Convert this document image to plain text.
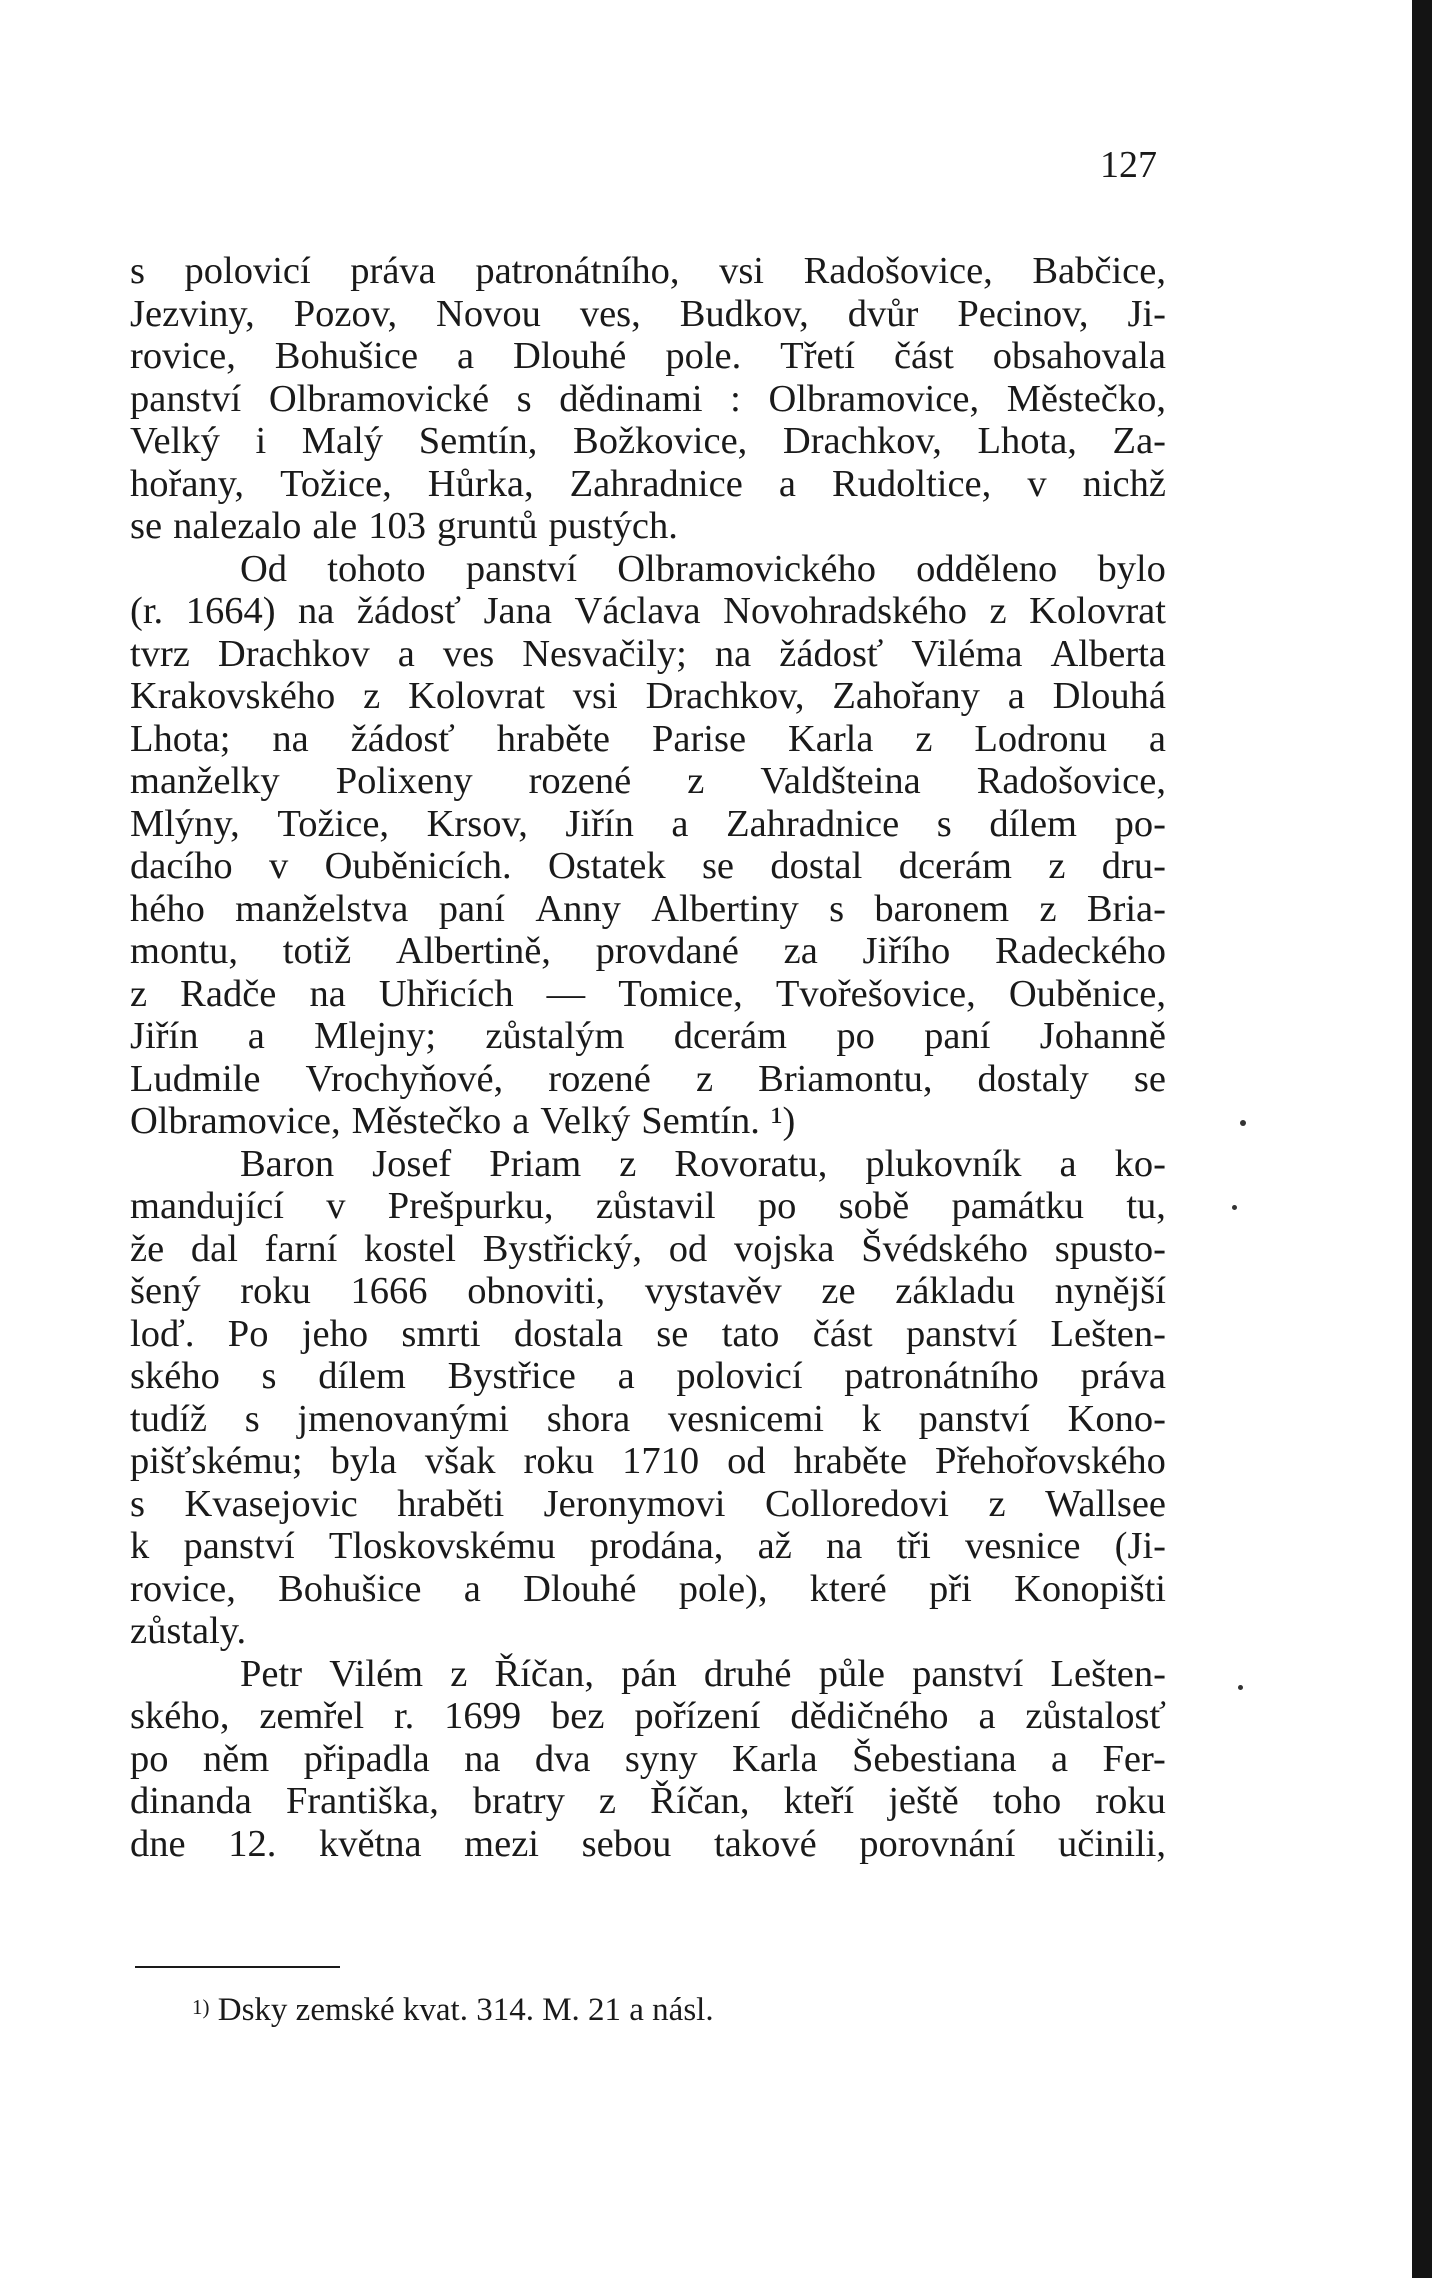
127
s polovicí práva patronátního, vsi Radošovice, Babčice,
Jezviny, Pozov, Novou ves, Budkov, dvůr Pecinov, Ji-
rovice, Bohušice a Dlouhé pole. Třetí část obsahovala
panství Olbramovické s dědinami : Olbramovice, Městečko,
Velký i Malý Semtín, Božkovice, Drachkov, Lhota, Za-
hořany, Tožice, Hůrka, Zahradnice a Rudoltice, v nichž
se nalezalo ale 103 gruntů pustých.
Od tohoto panství Olbramovického odděleno bylo
(r. 1664) na žádosť Jana Václava Novohradského z Kolovrat
tvrz Drachkov a ves Nesvačily; na žádosť Viléma Alberta
Krakovského z Kolovrat vsi Drachkov, Zahořany a Dlouhá
Lhota; na žádosť hraběte Parise Karla z Lodronu a
manželky Polixeny rozené z Valdšteina Radošovice,
Mlýny, Tožice, Krsov, Jiřín a Zahradnice s dílem po-
dacího v Ouběnicích. Ostatek se dostal dcerám z dru-
hého manželstva paní Anny Albertiny s baronem z Bria-
montu, totiž Albertině, provdané za Jiřího Radeckého
z Radče na Uhřicích — Tomice, Tvořešovice, Ouběnice,
Jiřín a Mlejny; zůstalým dcerám po paní Johanně
Ludmile Vrochyňové, rozené z Briamontu, dostaly se
Olbramovice, Městečko a Velký Semtín. ¹)
Baron Josef Priam z Rovoratu, plukovník a ko-
mandující v Prešpurku, zůstavil po sobě památku tu,
že dal farní kostel Bystřický, od vojska Švédského spusto-
šený roku 1666 obnoviti, vystavěv ze základu nynější
loď. Po jeho smrti dostala se tato část panství Lešten-
ského s dílem Bystřice a polovicí patronátního práva
tudíž s jmenovanými shora vesnicemi k panství Kono-
pišťskému; byla však roku 1710 od hraběte Přehořovského
s Kvasejovic hraběti Jeronymovi Colloredovi z Wallsee
k panství Tloskovskému prodána, až na tři vesnice (Ji-
rovice, Bohušice a Dlouhé pole), které při Konopišti
zůstaly.
Petr Vilém z Říčan, pán druhé půle panství Lešten-
ského, zemřel r. 1699 bez pořízení dědičného a zůstalosť
po něm připadla na dva syny Karla Šebestiana a Fer-
dinanda Františka, bratry z Říčan, kteří ještě toho roku
dne 12. května mezi sebou takové porovnání učinili,
$^{1)}$ Dsky zemské kvat. 314. M. 21 a násl.
